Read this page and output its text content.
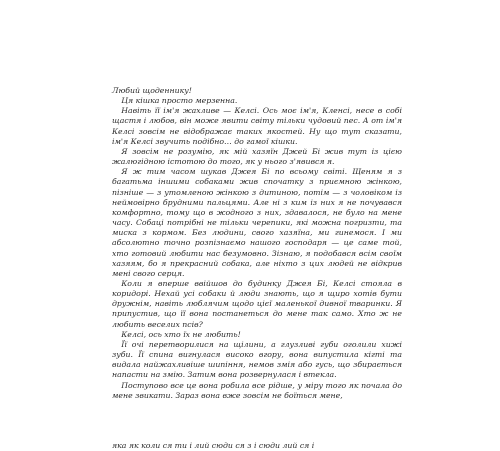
Любий щоденнику!

Ця кішка просто мерзенна.

Навіть її ім'я жахливе — Келсі. Ось моє ім'я, Кленсі, несе в собі щастя і любов, він може явити світу тільки чудовий пес. А от ім'я Келсі зовсім не відображає таких якостей. Ну що тут сказати, ім'я Келсі звучить подібно… до гамої кішки.

Я зовсім не розумію, як мій хазяїн Джей Бі жив тут із цією жалюгідною істотою до того, як у нього з'явився я.

Я ж тим часом шукав Джея Бі по всьому світі. Щеням я з багатьма іншими собаками жив спочатку з приємною жінкою, пізніше — з утомленою жінкою з дитиною, потім — з чоловіком із неймовірно брудними пальцями. Але ні з ким із них я не почувався комфортно, тому що в жодного з них, здавалося, не було на мене часу. Собаці потрібні не тільки черепики, які можна погризти, та миска з кормом. Без людини, свого хазяїна, ми гинемося. І ми абсолютно точно розпізнаємо нашого господаря — це саме той, хто готовий любити нас безумовно. Зізнаю, я подобався всім своїм хазяям, бо я прекрасний собака, але ніхто з цих людей не відкрив мені свого серця.

Коли я вперше ввійшов до будинку Джея Бі, Келсі стояла в коридорі. Нехай усі собаки й люди знають, що я щиро хотів бути дружнім, навіть люблячим щодо цієї маленької дивної тваринки. Я припустив, що її вона постанеться до мене так само. Хто ж не любить веселих псів?

Келсі, ось хто їх не любить!

Її очі перетворилися на щілини, а глузливі губи оголили хижі зуби. Її спина вигнулася високо вгору, вона випустила кігті та видала найжахливіше шипіння, немов змія або гусь, що збирається напасти на змію. Затим вона розвернулася і втекла.

Поступово все це вона робила все рідше, у міру того як почала до мене звикати. Зараз вона вже зовсім не боїться мене,

яка як коли ся ти і лий сюди ся з і сюди лий ся і
